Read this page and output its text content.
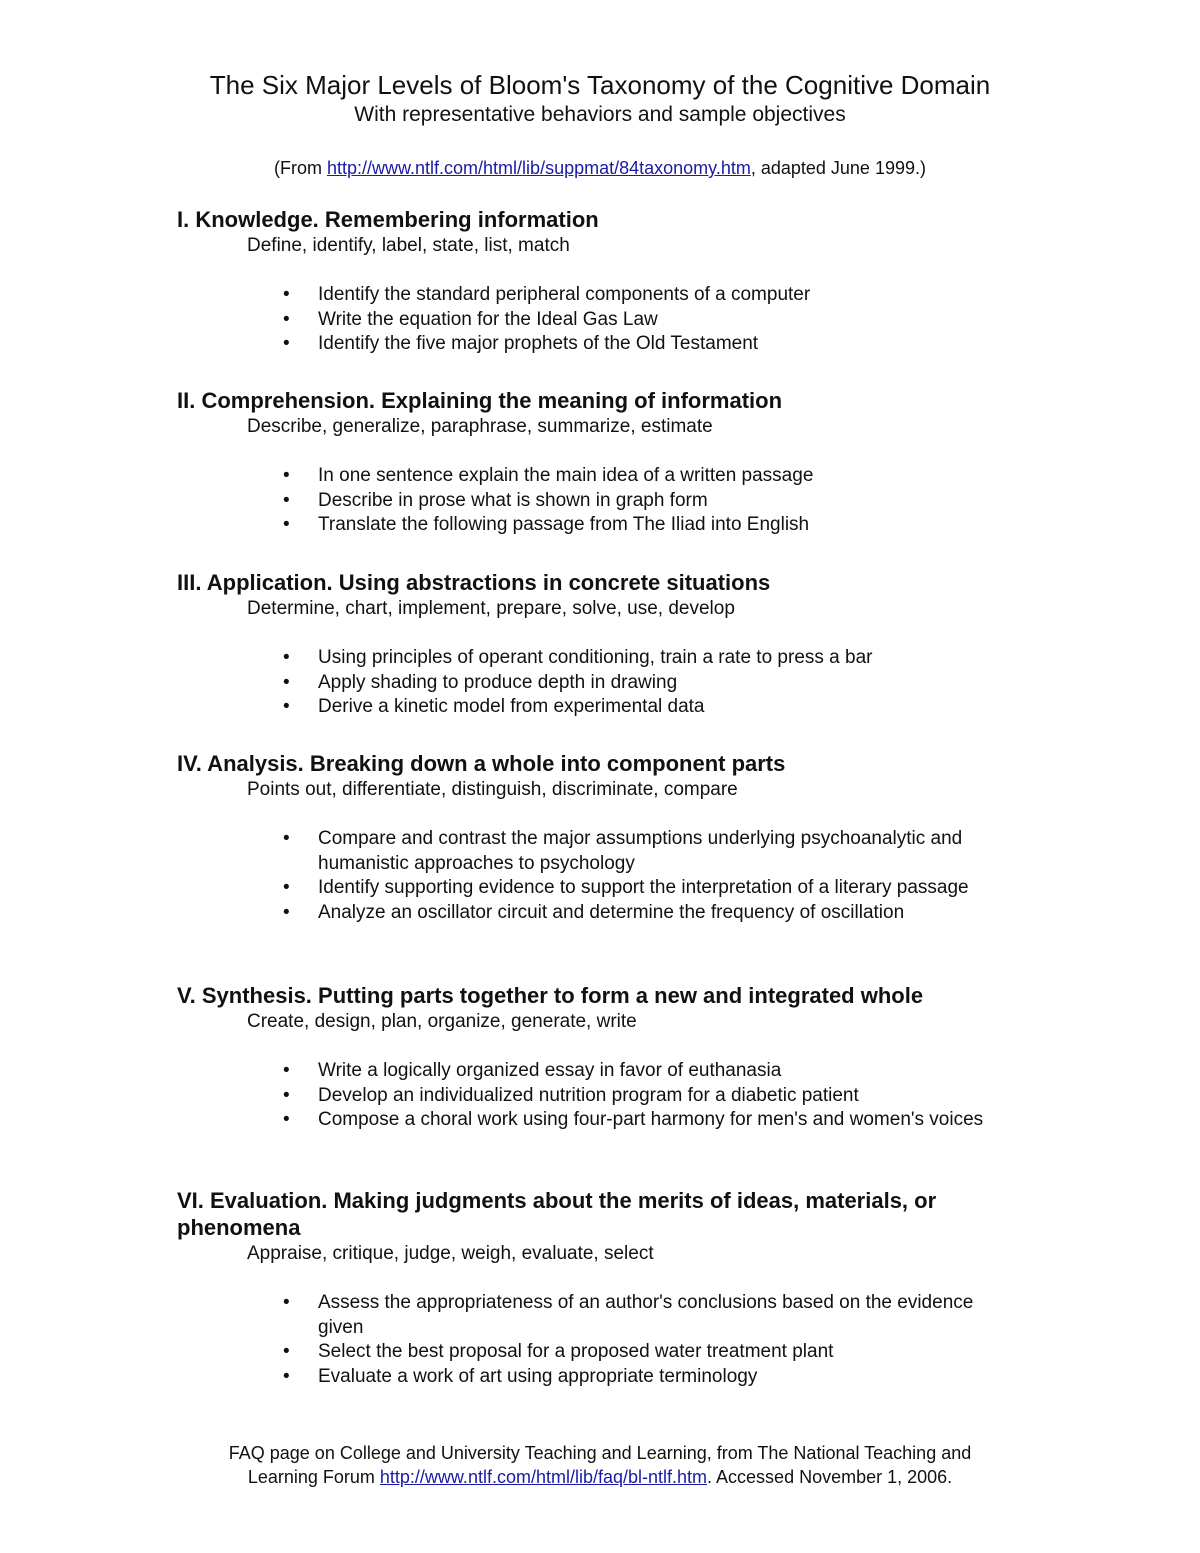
The Six Major Levels of Bloom's Taxonomy of the Cognitive Domain
With representative behaviors and sample objectives
(From http://www.ntlf.com/html/lib/suppmat/84taxonomy.htm, adapted June 1999.)

I. Knowledge. Remembering information

Define, identify, label, state, list, match

• Identify the standard peripheral components of a computer
• Write the equation for the Ideal Gas Law
• Identify the five major prophets of the Old Testament

II. Comprehension. Explaining the meaning of information

Describe, generalize, paraphrase, summarize, estimate

• In one sentence explain the main idea of a written passage
• Describe in prose what is shown in graph form
• Translate the following passage from The Iliad into English

III. Application. Using abstractions in concrete situations

Determine, chart, implement, prepare, solve, use, develop

• Using principles of operant conditioning, train a rate to press a bar
• Apply shading to produce depth in drawing
• Derive a kinetic model from experimental data

IV. Analysis. Breaking down a whole into component parts

Points out, differentiate, distinguish, discriminate, compare

• Compare and contrast the major assumptions underlying psychoanalytic and humanistic approaches to psychology
• Identify supporting evidence to support the interpretation of a literary passage
• Analyze an oscillator circuit and determine the frequency of oscillation

V. Synthesis. Putting parts together to form a new and integrated whole

Create, design, plan, organize, generate, write

• Write a logically organized essay in favor of euthanasia
• Develop an individualized nutrition program for a diabetic patient
• Compose a choral work using four-part harmony for men's and women's voices

VI. Evaluation. Making judgments about the merits of ideas, materials, or phenomena

Appraise, critique, judge, weigh, evaluate, select

• Assess the appropriateness of an author's conclusions based on the evidence given
• Select the best proposal for a proposed water treatment plant
• Evaluate a work of art using appropriate terminology
FAQ page on College and University Teaching and Learning, from The National Teaching and
Learning Forum http://www.ntlf.com/html/lib/faq/bl-ntlf.htm. Accessed November 1, 2006.
